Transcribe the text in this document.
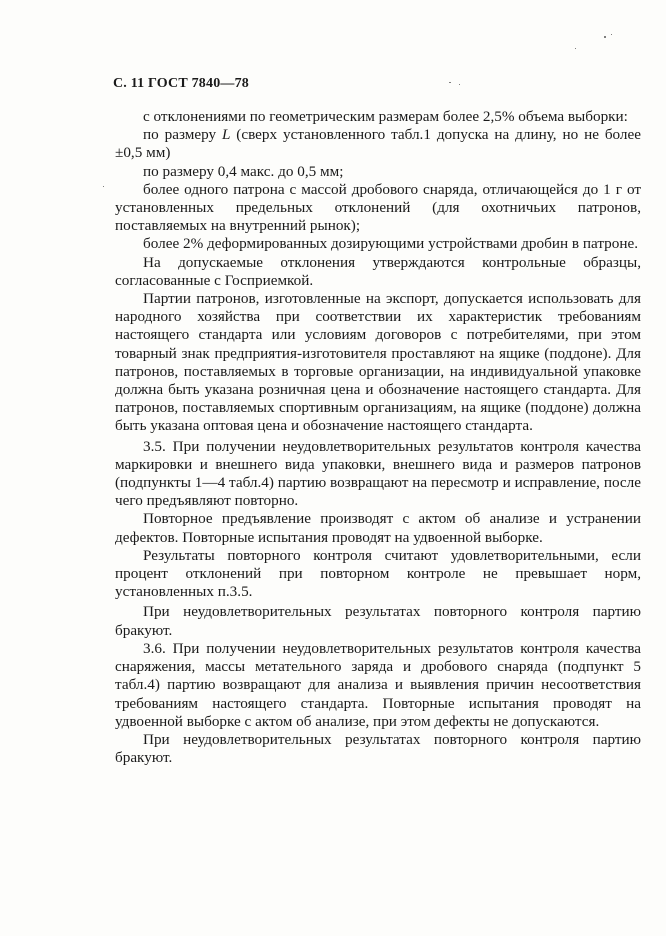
С. 11 ГОСТ 7840—78

с отклонениями по геометрическим размерам более 2,5% объема выборки:

по размеру L (сверх установленного табл.1 допуска на длину, но не более ±0,5 мм)

по размеру 0,4 макс. до 0,5 мм;

более одного патрона с массой дробового снаряда, отличающейся до 1 г от установленных предельных отклонений (для охотничьих патронов, поставляемых на внутренний рынок);

более 2% деформированных дозирующими устройствами дробин в патроне.

На допускаемые отклонения утверждаются контрольные образцы, согласованные с Госприемкой.

Партии патронов, изготовленные на экспорт, допускается использовать для народного хозяйства при соответствии их характеристик требованиям настоящего стандарта или условиям договоров с потребителями, при этом товарный знак предприятия-изготовителя проставляют на ящике (поддоне). Для патронов, поставляемых в торговые организации, на индивидуальной упаковке должна быть указана розничная цена и обозначение настоящего стандарта. Для патронов, поставляемых спортивным организациям, на ящике (поддоне) должна быть указана оптовая цена и обозначение настоящего стандарта.

3.5. При получении неудовлетворительных результатов контроля качества маркировки и внешнего вида упаковки, внешнего вида и размеров патронов (подпункты 1—4 табл.4) партию возвращают на пересмотр и исправление, после чего предъявляют повторно.

Повторное предъявление производят с актом об анализе и устранении дефектов. Повторные испытания проводят на удвоенной выборке.

Результаты повторного контроля считают удовлетворительными, если процент отклонений при повторном контроле не превышает норм, установленных п.3.5.

При неудовлетворительных результатах повторного контроля партию бракуют.

3.6. При получении неудовлетворительных результатов контроля качества снаряжения, массы метательного заряда и дробового снаряда (подпункт 5 табл.4) партию возвращают для анализа и выявления причин несоответствия требованиям настоящего стандарта. Повторные испытания проводят на удвоенной выборке с актом об анализе, при этом дефекты не допускаются.

При неудовлетворительных результатах повторного контроля партию бракуют.
